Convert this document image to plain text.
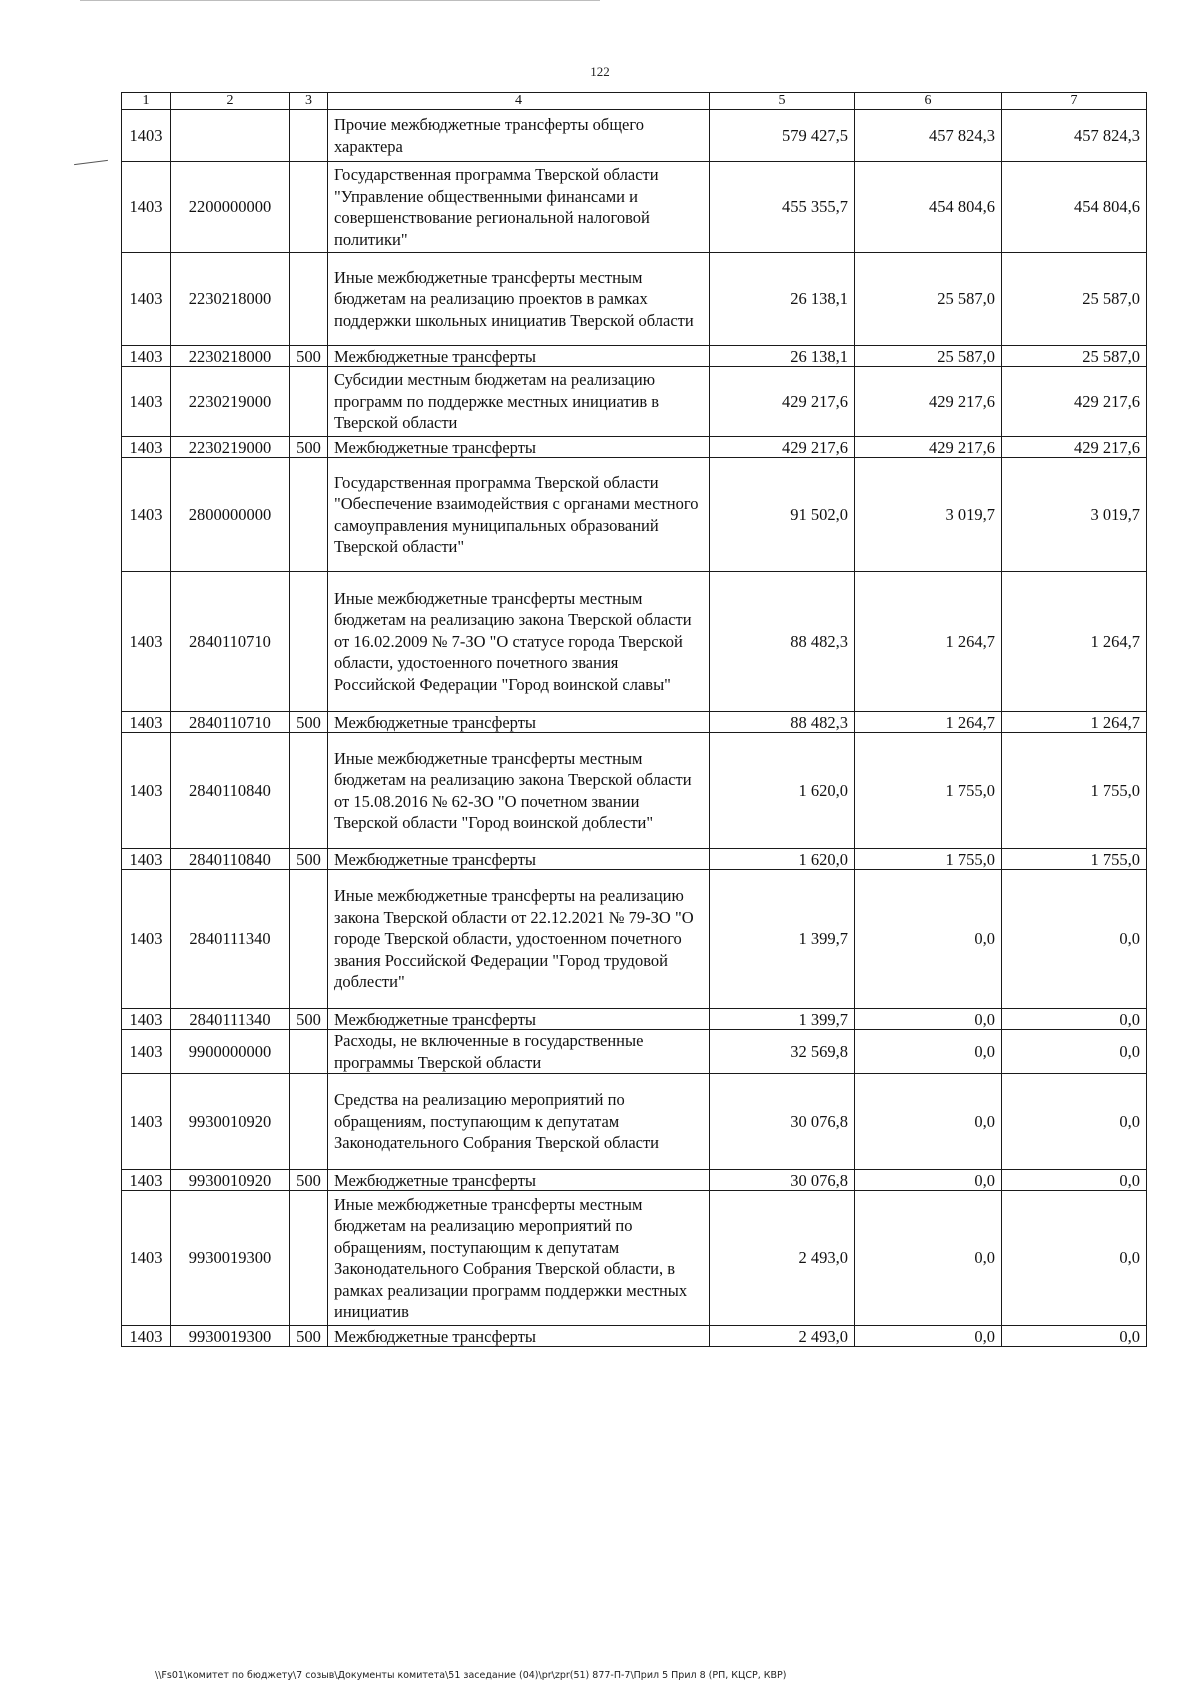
122
1	2	3	4	5	6	7
1403			Прочие межбюджетные трансферты общего характера	579 427,5	457 824,3	457 824,3
1403	2200000000		Государственная программа Тверской области "Управление общественными финансами и совершенствование региональной налоговой политики"	455 355,7	454 804,6	454 804,6
1403	2230218000		Иные межбюджетные трансферты местным бюджетам на реализацию проектов в рамках поддержки школьных инициатив Тверской области	26 138,1	25 587,0	25 587,0
1403	2230218000	500	Межбюджетные трансферты	26 138,1	25 587,0	25 587,0
1403	2230219000		Субсидии местным бюджетам на реализацию программ по поддержке местных инициатив в Тверской области	429 217,6	429 217,6	429 217,6
1403	2230219000	500	Межбюджетные трансферты	429 217,6	429 217,6	429 217,6
1403	2800000000		Государственная программа Тверской области "Обеспечение взаимодействия с органами местного самоуправления муниципальных образований Тверской области"	91 502,0	3 019,7	3 019,7
1403	2840110710		Иные межбюджетные трансферты местным бюджетам на реализацию закона Тверской области от 16.02.2009 № 7-ЗО "О статусе города Тверской области, удостоенного почетного звания Российской Федерации "Город воинской славы"	88 482,3	1 264,7	1 264,7
1403	2840110710	500	Межбюджетные трансферты	88 482,3	1 264,7	1 264,7
1403	2840110840		Иные межбюджетные трансферты местным бюджетам на реализацию закона Тверской области от 15.08.2016 № 62-ЗО "О почетном звании Тверской области "Город воинской доблести"	1 620,0	1 755,0	1 755,0
1403	2840110840	500	Межбюджетные трансферты	1 620,0	1 755,0	1 755,0
1403	2840111340		Иные межбюджетные трансферты на реализацию закона Тверской области от 22.12.2021 № 79-ЗО "О городе Тверской области, удостоенном почетного звания Российской Федерации "Город трудовой доблести"	1 399,7	0,0	0,0
1403	2840111340	500	Межбюджетные трансферты	1 399,7	0,0	0,0
1403	9900000000		Расходы, не включенные в государственные программы Тверской области	32 569,8	0,0	0,0
1403	9930010920		Средства на реализацию мероприятий по обращениям, поступающим к депутатам Законодательного Собрания Тверской области	30 076,8	0,0	0,0
1403	9930010920	500	Межбюджетные трансферты	30 076,8	0,0	0,0
1403	9930019300		Иные межбюджетные трансферты местным бюджетам на реализацию мероприятий по обращениям, поступающим к депутатам Законодательного Собрания Тверской области, в рамках реализации программ поддержки местных инициатив	2 493,0	0,0	0,0
1403	9930019300	500	Межбюджетные трансферты	2 493,0	0,0	0,0
\\Fs01\комитет по бюджету\7 созыв\Документы комитета\51 заседание (04)\pr\zpr(51) 877-П-7\Прил 5 Прил 8 (РП, КЦСР, КВР)
